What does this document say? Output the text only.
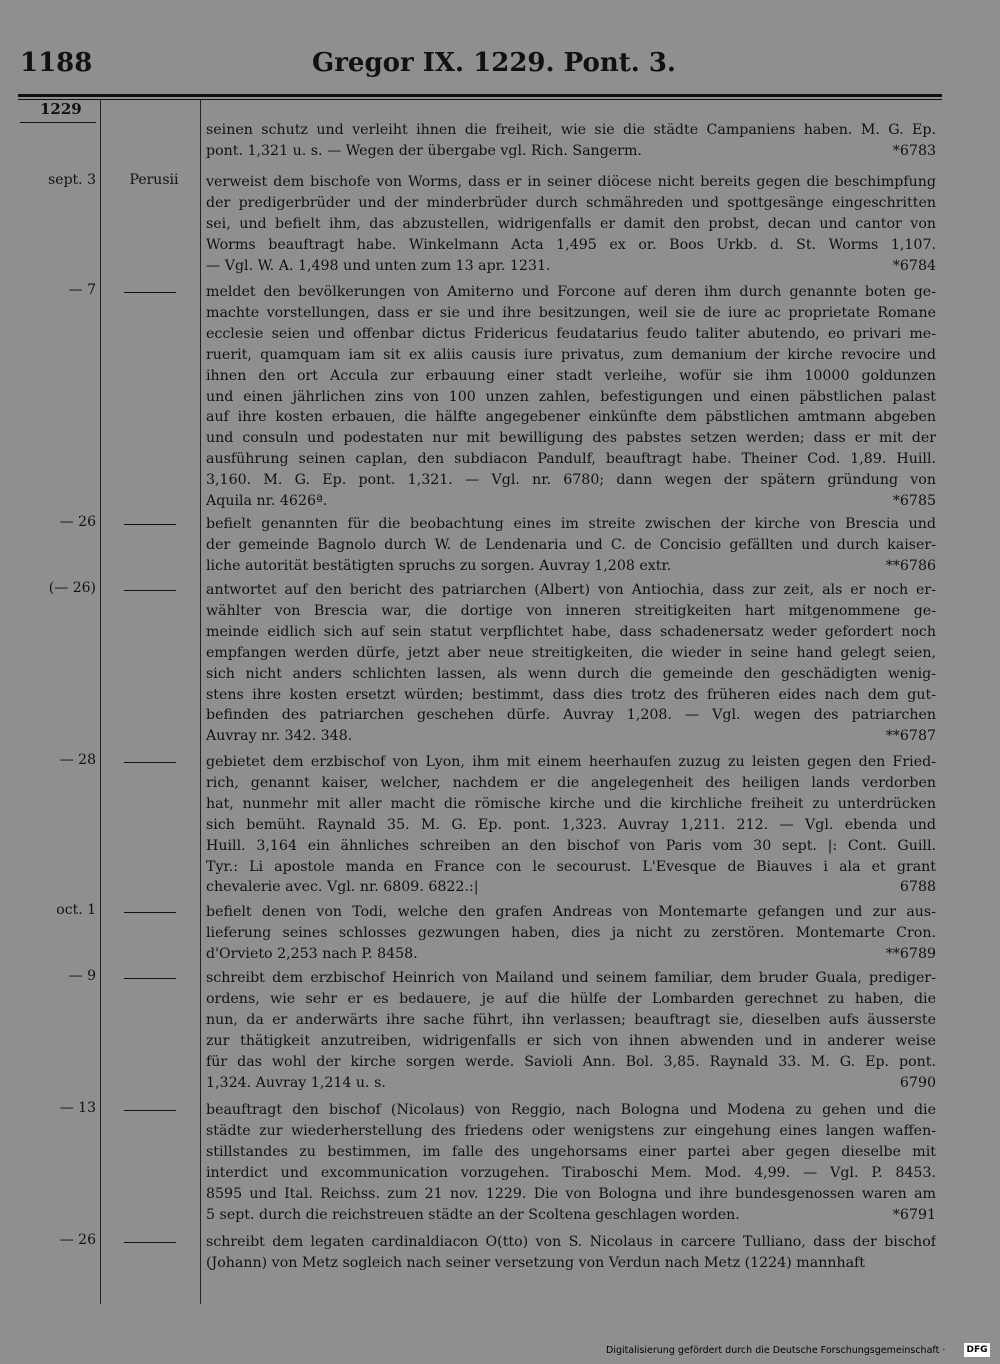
1188	Gregor IX. 1229. Pont. 3.
1229
seinen schutz und verleiht ihnen die freiheit, wie sie die städte Campaniens haben. M. G. Ep.
pont. 1,321 u. s. — Wegen der übergabe vgl. Rich. Sangerm.	*6783
sept. 3	Perusii	verweist dem bischofe von Worms, dass er in seiner diöcese nicht bereits gegen die beschimpfung
der predigerbrüder und der minderbrüder durch schmähreden und spottgesänge eingeschritten
sei, und befielt ihm, das abzustellen, widrigenfalls er damit den probst, decan und cantor von
Worms beauftragt habe. Winkelmann Acta 1,495 ex or. Boos Urkb. d. St. Worms 1,107.
— Vgl. W. A. 1,498 und unten zum 13 apr. 1231.	*6784
— 7	meldet den bevölkerungen von Amiterno und Forcone auf deren ihm durch genannte boten ge-
machte vorstellungen, dass er sie und ihre besitzungen, weil sie de iure ac proprietate Romane
ecclesie seien und offenbar dictus Fridericus feudatarius feudo taliter abutendo, eo privari me-
ruerit, quamquam iam sit ex aliis causis iure privatus, zum demanium der kirche revocire und
ihnen den ort Accula zur erbauung einer stadt verleihe, wofür sie ihm 10000 goldunzen
und einen jährlichen zins von 100 unzen zahlen, befestigungen und einen päbstlichen palast
auf ihre kosten erbauen, die hälfte angegebener einkünfte dem päbstlichen amtmann abgeben
und consuln und podestaten nur mit bewilligung des pabstes setzen werden; dass er mit der
ausführung seinen caplan, den subdiacon Pandulf, beauftragt habe. Theiner Cod. 1,89. Huill.
3,160. M. G. Ep. pont. 1,321. — Vgl. nr. 6780; dann wegen der spätern gründung von
Aquila nr. 4626ª.	*6785
— 26	befielt genannten für die beobachtung eines im streite zwischen der kirche von Brescia und
der gemeinde Bagnolo durch W. de Lendenaria und C. de Concisio gefällten und durch kaiser-
liche autorität bestätigten spruchs zu sorgen. Auvray 1,208 extr.	**6786
(— 26)	antwortet auf den bericht des patriarchen (Albert) von Antiochia, dass zur zeit, als er noch er-
wählter von Brescia war, die dortige von inneren streitigkeiten hart mitgenommene ge-
meinde eidlich sich auf sein statut verpflichtet habe, dass schadenersatz weder gefordert noch
empfangen werden dürfe, jetzt aber neue streitigkeiten, die wieder in seine hand gelegt seien,
sich nicht anders schlichten lassen, als wenn durch die gemeinde den geschädigten wenig-
stens ihre kosten ersetzt würden; bestimmt, dass dies trotz des früheren eides nach dem gut-
befinden des patriarchen geschehen dürfe. Auvray 1,208. — Vgl. wegen des patriarchen
Auvray nr. 342. 348.	**6787
— 28	gebietet dem erzbischof von Lyon, ihm mit einem heerhaufen zuzug zu leisten gegen den Fried-
rich, genannt kaiser, welcher, nachdem er die angelegenheit des heiligen lands verdorben
hat, nunmehr mit aller macht die römische kirche und die kirchliche freiheit zu unterdrücken
sich bemüht. Raynald 35. M. G. Ep. pont. 1,323. Auvray 1,211. 212. — Vgl. ebenda und
Huill. 3,164 ein ähnliches schreiben an den bischof von Paris vom 30 sept. |: Cont. Guill.
Tyr.: Li apostole manda en France con le secourust. L'Evesque de Biauves i ala et grant
chevalerie avec. Vgl. nr. 6809. 6822.:|	6788
oct. 1	befielt denen von Todi, welche den grafen Andreas von Montemarte gefangen und zur aus-
lieferung seines schlosses gezwungen haben, dies ja nicht zu zerstören. Montemarte Cron.
d'Orvieto 2,253 nach P. 8458.	**6789
— 9	schreibt dem erzbischof Heinrich von Mailand und seinem familiar, dem bruder Guala, prediger-
ordens, wie sehr er es bedauere, je auf die hülfe der Lombarden gerechnet zu haben, die
nun, da er anderwärts ihre sache führt, ihn verlassen; beauftragt sie, dieselben aufs äusserste
zur thätigkeit anzutreiben, widrigenfalls er sich von ihnen abwenden und in anderer weise
für das wohl der kirche sorgen werde. Savioli Ann. Bol. 3,85. Raynald 33. M. G. Ep. pont.
1,324. Auvray 1,214 u. s.	6790
— 13	beauftragt den bischof (Nicolaus) von Reggio, nach Bologna und Modena zu gehen und die
städte zur wiederherstellung des friedens oder wenigstens zur eingehung eines langen waffen-
stillstandes zu bestimmen, im falle des ungehorsams einer partei aber gegen dieselbe mit
interdict und excommunication vorzugehen. Tiraboschi Mem. Mod. 4,99. — Vgl. P. 8453.
8595 und Ital. Reichss. zum 21 nov. 1229. Die von Bologna und ihre bundesgenossen waren am
5 sept. durch die reichstreuen städte an der Scoltena geschlagen worden.	*6791
— 26	schreibt dem legaten cardinaldiacon O(tto) von S. Nicolaus in carcere Tulliano, dass der bischof
(Johann) von Metz sogleich nach seiner versetzung von Verdun nach Metz (1224) mannhaft
Digitalisierung gefördert durch die Deutsche Forschungsgemeinschaft · DFG
